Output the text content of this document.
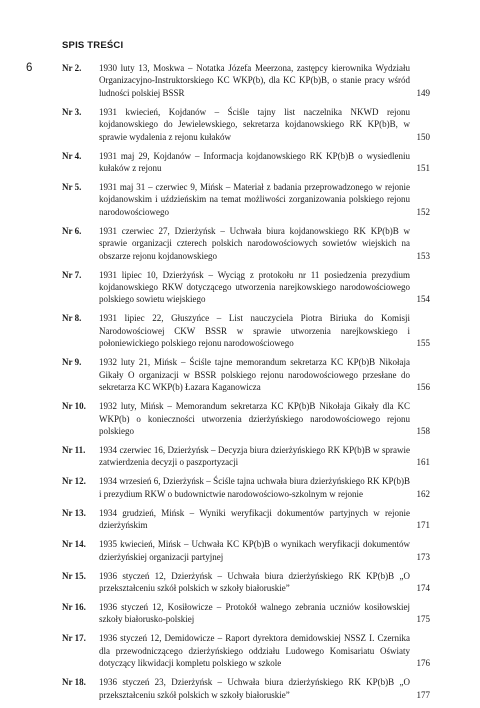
6
SPIS TREŚCI
Nr 2. 1930 luty 13, Moskwa – Notatka Józefa Meerzona, zastępcy kierownika Wydziału Organizacyjno-Instruktorskiego KC WKP(b), dla KC KP(b)B, o stanie pracy wśród ludności polskiej BSSR	149
Nr 3. 1931 kwiecień, Kojdanów – Ściśle tajny list naczelnika NKWD rejonu kojdanowskiego do Jewielewskiego, sekretarza kojdanowskiego RK KP(b)B, w sprawie wydalenia z rejonu kułaków	150
Nr 4. 1931 maj 29, Kojdanów – Informacja kojdanowskiego RK KP(b)B o wysiedleniu kułaków z rejonu	151
Nr 5. 1931 maj 31 – czerwiec 9, Mińsk – Materiał z badania przeprowadzonego w rejonie kojdanowskim i uździeńskim na temat możliwości zorganizowania polskiego rejonu narodowościowego	152
Nr 6. 1931 czerwiec 27, Dzierżyńsk – Uchwała biura kojdanowskiego RK KP(b)B w sprawie organizacji czterech polskich narodowościowych sowietów wiejskich na obszarze rejonu kojdanowskiego	153
Nr 7. 1931 lipiec 10, Dzierżyńsk – Wyciąg z protokołu nr 11 posiedzenia prezydium kojdanowskiego RKW dotyczącego utworzenia narejkowskiego narodowościowego polskiego sowietu wiejskiego	154
Nr 8. 1931 lipiec 22, Głuszyńce – List nauczyciela Piotra Biriuka do Komisji Narodowościowej CKW BSSR w sprawie utworzenia narejkowskiego i połoniewickiego polskiego rejonu narodowościowego	155
Nr 9. 1932 luty 21, Mińsk – Ściśle tajne memorandum sekretarza KC KP(b)B Nikołaja Gikały O organizacji w BSSR polskiego rejonu narodowościowego przesłane do sekretarza KC WKP(b) Łazara Kaganowicza	156
Nr 10. 1932 luty, Mińsk – Memorandum sekretarza KC KP(b)B Nikołaja Gikały dla KC WKP(b) o konieczności utworzenia dzierżyńskiego narodowościowego rejonu polskiego	158
Nr 11. 1934 czerwiec 16, Dzierżyńsk – Decyzja biura dzierżyńskiego RK KP(b)B w sprawie zatwierdzenia decyzji o paszportyzacji	161
Nr 12. 1934 wrzesień 6, Dzierżyńsk – Ściśle tajna uchwała biura dzierżyńskiego RK KP(b)B i prezydium RKW o budownictwie narodowościowo-szkolnym w rejonie	162
Nr 13. 1934 grudzień, Mińsk – Wyniki weryfikacji dokumentów partyjnych w rejonie dzierżyńskim	171
Nr 14. 1935 kwiecień, Mińsk – Uchwała KC KP(b)B o wynikach weryfikacji dokumentów dzierżyńskiej organizacji partyjnej	173
Nr 15. 1936 styczeń 12, Dzierżyńsk – Uchwała biura dzierżyńskiego RK KP(b)B „O przekształceniu szkół polskich w szkoły białoruskie”	174
Nr 16. 1936 styczeń 12, Kosiłowicze – Protokół walnego zebrania uczniów kosiłowskiej szkoły białorusko-polskiej	175
Nr 17. 1936 styczeń 12, Demidowicze – Raport dyrektora demidowskiej NSSZ I. Czernika dla przewodniczącego dzierżyńskiego oddziału Ludowego Komisariatu Oświaty dotyczący likwidacji kompletu polskiego w szkole	176
Nr 18. 1936 styczeń 23, Dzierżyńsk – Uchwała biura dzierżyńskiego RK KP(b)B „O przekształceniu szkół polskich w szkoły białoruskie”	177
